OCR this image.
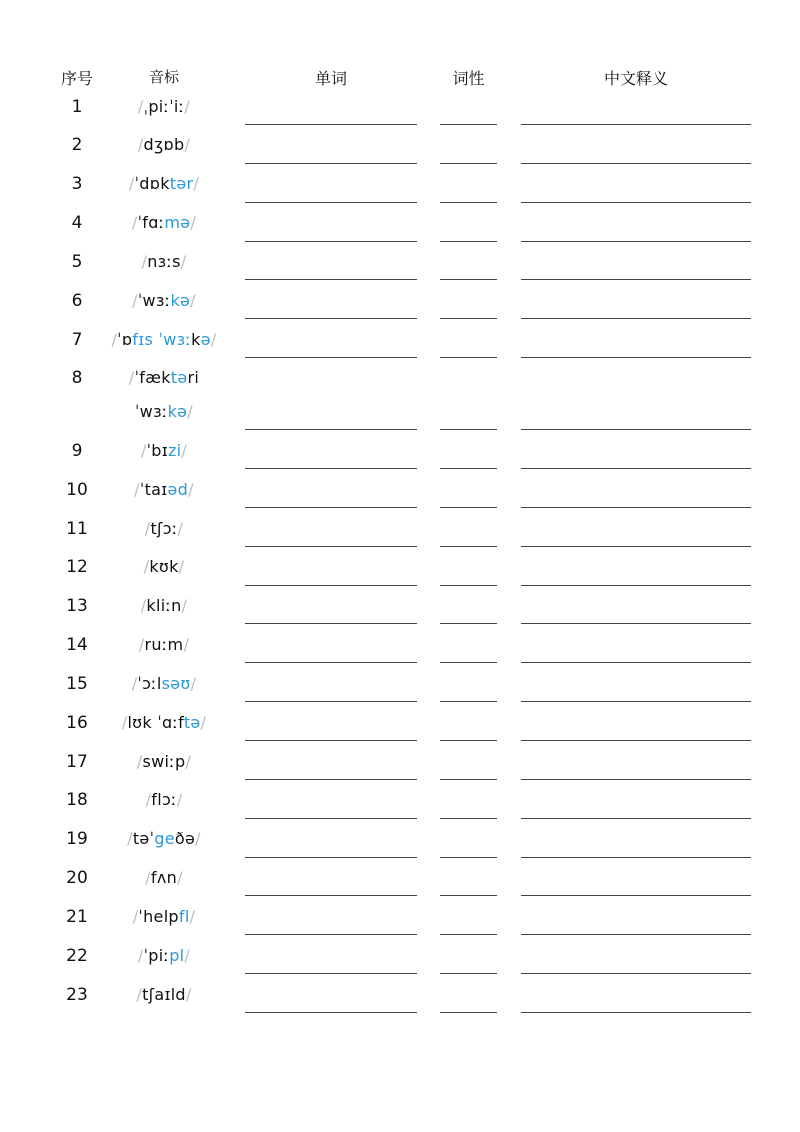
序号	音标	单词	词性	中文释义
1	/ˌpiːˈiː/
2	/dʒɒb/
3	/ˈdɒktər/
4	/ˈfɑːmə/
5	/nɜːs/
6	/ˈwɜːkə/
7	/ˈɒfɪs ˈwɜːkə/
8	/ˈfæktəri
ˈwɜːkə/
9	/ˈbɪzi/
10	/ˈtaɪəd/
11	/tʃɔː/
12	/kʊk/
13	/kliːn/
14	/ruːm/
15	/ˈɔːlsəʊ/
16	/lʊk ˈɑːftə/
17	/swiːp/
18	/flɔː/
19	/təˈgeðə/
20	/fʌn/
21	/ˈhelpfl/
22	/ˈpiːpl/
23	/tʃaɪld/
